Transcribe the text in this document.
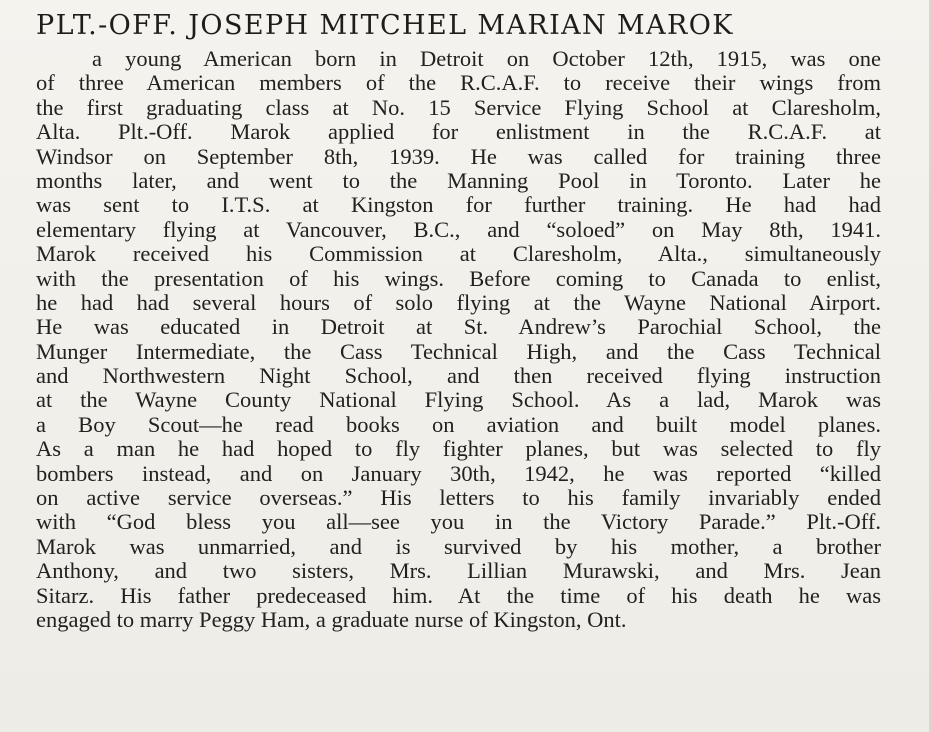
PLT.-OFF. JOSEPH MITCHEL MARIAN MAROK
a young American born in Detroit on October 12th, 1915, was one
of three American members of the R.C.A.F. to receive their wings from
the first graduating class at No. 15 Service Flying School at Claresholm,
Alta. Plt.-Off. Marok applied for enlistment in the R.C.A.F. at
Windsor on September 8th, 1939. He was called for training three
months later, and went to the Manning Pool in Toronto. Later he
was sent to I.T.S. at Kingston for further training. He had had
elementary flying at Vancouver, B.C., and “soloed” on May 8th, 1941.
Marok received his Commission at Claresholm, Alta., simultaneously
with the presentation of his wings. Before coming to Canada to enlist,
he had had several hours of solo flying at the Wayne National Airport.
He was educated in Detroit at St. Andrew’s Parochial School, the
Munger Intermediate, the Cass Technical High, and the Cass Technical
and Northwestern Night School, and then received flying instruction
at the Wayne County National Flying School. As a lad, Marok was
a Boy Scout—he read books on aviation and built model planes.
As a man he had hoped to fly fighter planes, but was selected to fly
bombers instead, and on January 30th, 1942, he was reported “killed
on active service overseas.” His letters to his family invariably ended
with “God bless you all—see you in the Victory Parade.” Plt.-Off.
Marok was unmarried, and is survived by his mother, a brother
Anthony, and two sisters, Mrs. Lillian Murawski, and Mrs. Jean
Sitarz. His father predeceased him. At the time of his death he was
engaged to marry Peggy Ham, a graduate nurse of Kingston, Ont.
